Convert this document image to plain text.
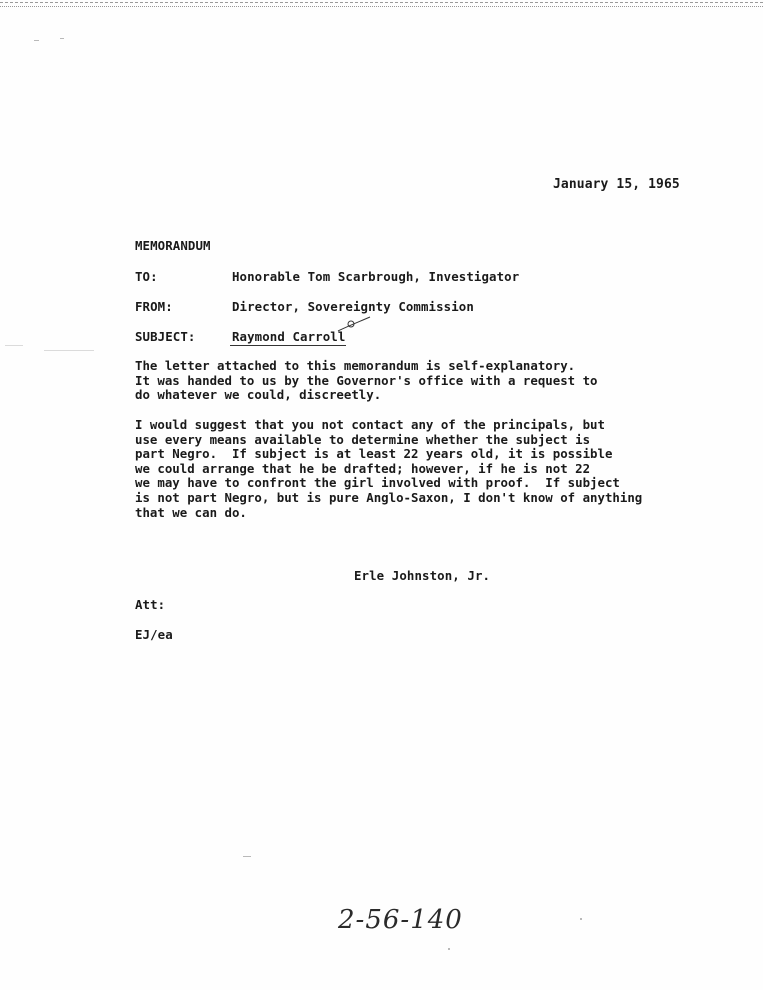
January 15, 1965
MEMORANDUM
TO:	Honorable Tom Scarbrough, Investigator
FROM:	Director, Sovereignty Commission
SUBJECT:	Raymond Carroll
The letter attached to this memorandum is self-explanatory.
It was handed to us by the Governor's office with a request to
do whatever we could, discreetly.
I would suggest that you not contact any of the principals, but
use every means available to determine whether the subject is
part Negro.  If subject is at least 22 years old, it is possible
we could arrange that he be drafted; however, if he is not 22
we may have to confront the girl involved with proof.  If subject
is not part Negro, but is pure Anglo-Saxon, I don't know of anything
that we can do.
Erle Johnston, Jr.
Att:
EJ/ea
2-56-140
